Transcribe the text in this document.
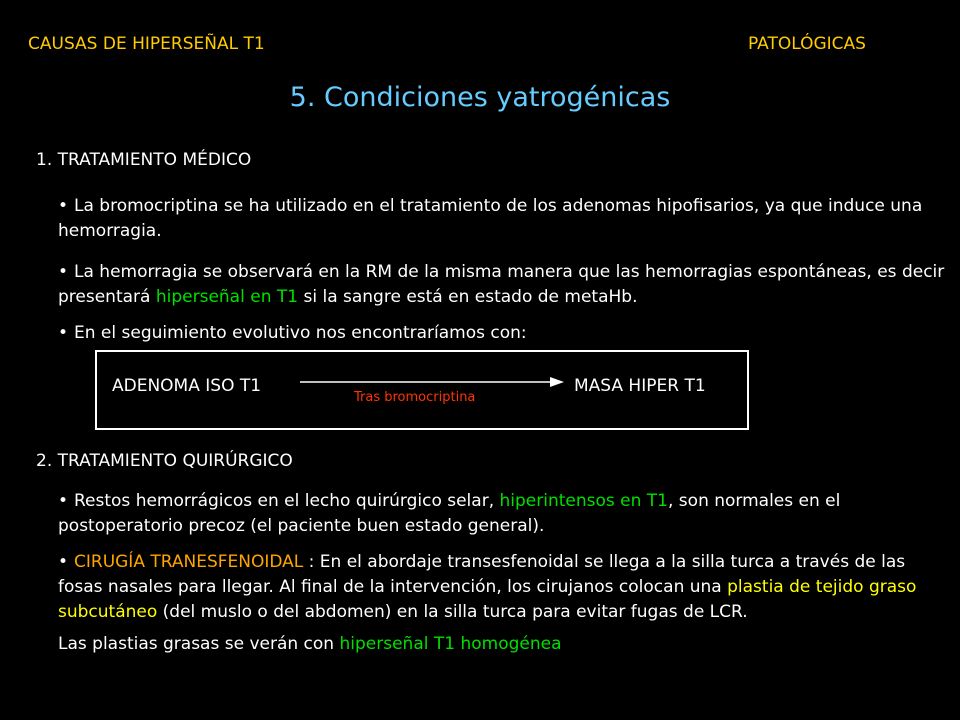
CAUSAS DE HIPERSEÑAL T1	PATOLÓGICAS
5. Condiciones yatrogénicas
1. TRATAMIENTO MÉDICO
• La bromocriptina se ha utilizado en el tratamiento de los adenomas hipofisarios, ya que induce una hemorragia.
• La hemorragia se observará en la RM de la misma manera que las hemorragias espontáneas, es decir presentará hiperseñal en T1 si la sangre está en estado de metaHb.
• En el seguimiento evolutivo nos encontraríamos con:
ADENOMA ISO T1	MASA HIPER T1
Tras bromocriptina
2. TRATAMIENTO QUIRÚRGICO
• Restos hemorrágicos en el lecho quirúrgico selar, hiperintensos en T1, son normales en el postoperatorio precoz (el paciente buen estado general).
• CIRUGÍA TRANESFENOIDAL : En el abordaje transesfenoidal se llega a la silla turca a través de las fosas nasales para llegar. Al final de la intervención, los cirujanos colocan una plastia de tejido graso subcutáneo (del muslo o del abdomen) en la silla turca para evitar fugas de LCR.
Las plastias grasas se verán con hiperseñal T1 homogénea
